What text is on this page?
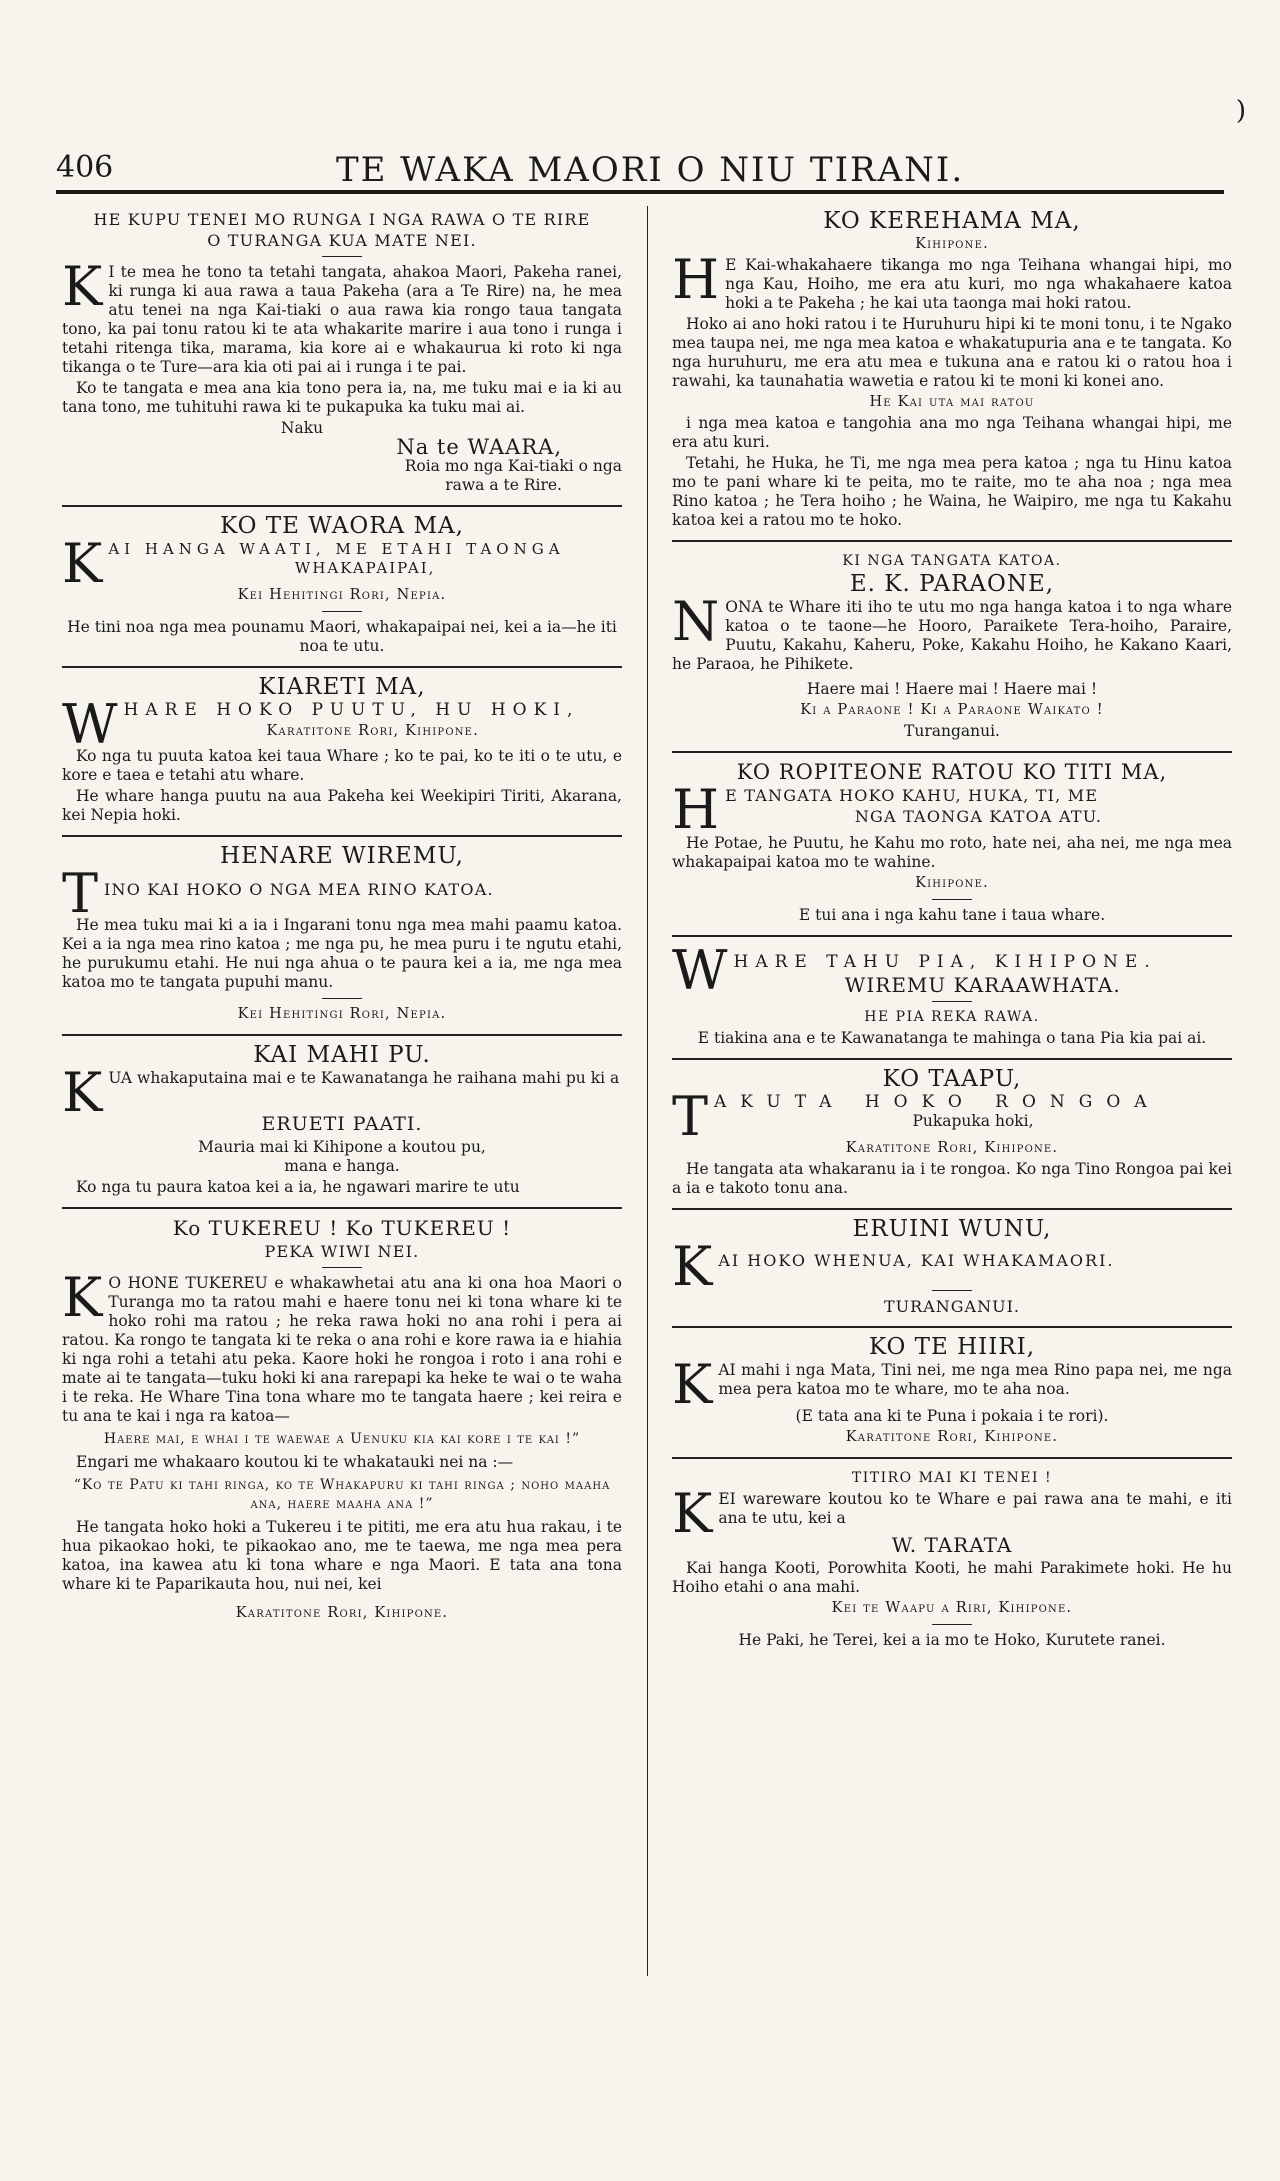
)
406	TE WAKA MAORI O NIU TIRANI.
HE KUPU TENEI MO RUNGA I NGA RAWA O TE RIRE
O TURANGA KUA MATE NEI.
K I te mea he tono ta tetahi tangata, ahakoa Maori, Pakeha ranei, ki runga ki aua rawa a taua Pakeha (ara a Te Rire) na, he mea atu tenei na nga Kai-tiaki o aua rawa kia rongo taua tangata tono, ka pai tonu ratou ki te ata whakarite marire i aua tono i runga i tetahi ritenga tika, marama, kia kore ai e whakaurua ki roto ki nga tikanga o te Ture—ara kia oti pai ai i runga i te pai.
Ko te tangata e mea ana kia tono pera ia, na, me tuku mai e ia ki au tana tono, me tuhituhi rawa ki te pukapuka ka tuku mai ai.
Naku
Na te WAARA,
Roia mo nga Kai-tiaki o nga
rawa a te Rire.
KO TE WAORA MA,
K AI HANGA WAATI, ME ETAHI TAONGA
WHAKAPAIPAI,
Kei Hehitingi Rori, Nepia.
He tini noa nga mea pounamu Maori, whakapaipai nei, kei a ia—he iti noa te utu.
KIARETI MA,
W HARE HOKO PUUTU, HU HOKI,
Karatitone Rori, Kihipone.
Ko nga tu puuta katoa kei taua Whare ; ko te pai, ko te iti o te utu, e kore e taea e tetahi atu whare.
He whare hanga puutu na aua Pakeha kei Weekipiri Tiriti, Akarana, kei Nepia hoki.
HENARE WIREMU,
T INO KAI HOKO O NGA MEA RINO KATOA.
He mea tuku mai ki a ia i Ingarani tonu nga mea mahi paamu katoa. Kei a ia nga mea rino katoa ; me nga pu, he mea puru i te ngutu etahi, he purukumu etahi. He nui nga ahua o te paura kei a ia, me nga mea katoa mo te tangata pupuhi manu.
Kei Hehitingi Rori, Nepia.
KAI MAHI PU.
KUA whakaputaina mai e te Kawanatanga he raihana mahi pu ki a
ERUETI PAATI.
Mauria mai ki Kihipone a koutou pu,
mana e hanga.
Ko nga tu paura katoa kei a ia, he ngawari marire te utu
Ko TUKEREU ! Ko TUKEREU !
PEKA WIWI NEI.
K O HONE TUKEREU e whakawhetai atu ana ki ona hoa Maori o Turanga mo ta ratou mahi e haere tonu nei ki tona whare ki te hoko rohi ma ratou ; he reka rawa hoki no ana rohi i pera ai ratou. Ka rongo te tangata ki te reka o ana rohi e kore rawa ia e hiahia ki nga rohi a tetahi atu peka. Kaore hoki he rongoa i roto i ana rohi e mate ai te tangata—tuku hoki ki ana rarepapi ka heke te wai o te waha i te reka. He Whare Tina tona whare mo te tangata haere ; kei reira e tu ana te kai i nga ra katoa—
Haere mai, e whai i te waewae a Uenuku kia kai kore i te kai !”
Engari me whakaaro koutou ki te whakatauki nei na :—
“Ko te Patu ki tahi ringa, ko te Whakapuru ki tahi ringa ; noho maaha ana, haere maaha ana !”
He tangata hoko hoki a Tukereu i te pititi, me era atu hua rakau, i te hua pikaokao hoki, te pikaokao ano, me te taewa, me nga mea pera katoa, ina kawea atu ki tona whare e nga Maori. E tata ana tona whare ki te Paparikauta hou, nui nei, kei
Karatitone Rori, Kihipone.
KO KEREHAMA MA,
Kihipone.
H E Kai-whakahaere tikanga mo nga Teihana whangai hipi, mo nga Kau, Hoiho, me era atu kuri, mo nga whakahaere katoa hoki a te Pakeha ; he kai uta taonga mai hoki ratou.
Hoko ai ano hoki ratou i te Huruhuru hipi ki te moni tonu, i te Ngako mea taupa nei, me nga mea katoa e whakatupuria ana e te tangata. Ko nga huruhuru, me era atu mea e tukuna ana e ratou ki o ratou hoa i rawahi, ka taunahatia wawetia e ratou ki te moni ki konei ano.
He Kai uta mai ratou
i nga mea katoa e tangohia ana mo nga Teihana whangai hipi, me era atu kuri.
Tetahi, he Huka, he Ti, me nga mea pera katoa ; nga tu Hinu katoa mo te pani whare ki te peita, mo te raite, mo te aha noa ; nga mea Rino katoa ; he Tera hoiho ; he Waina, he Waipiro, me nga tu Kakahu katoa kei a ratou mo te hoko.
KI NGA TANGATA KATOA.
E. K. PARAONE,
NONA te Whare iti iho te utu mo nga hanga katoa i to nga whare katoa o te taone—he Hooro, Paraikete Tera-hoiho, Paraire, Puutu, Kakahu, Kaheru, Poke, Kakahu Hoiho, he Kakano Kaari, he Paraoa, he Pihikete.
Haere mai ! Haere mai ! Haere mai !
Ki a Paraone ! Ki a Paraone Waikato !
Turanganui.
KO ROPITEONE RATOU KO TITI MA,
H E TANGATA HOKO KAHU, HUKA, TI, ME
NGA TAONGA KATOA ATU.
He Potae, he Puutu, he Kahu mo roto, hate nei, aha nei, me nga mea whakapaipai katoa mo te wahine.
Kihipone.
E tui ana i nga kahu tane i taua whare.
W HARE TAHU PIA, KIHIPONE.
WIREMU KARAAWHATA.
HE PIA REKA RAWA.
E tiakina ana e te Kawanatanga te mahinga o tana Pia kia pai ai.
KO TAAPU,
T AKUTA HOKO RONGOA
Pukapuka hoki,
Karatitone Rori, Kihipone.
He tangata ata whakaranu ia i te rongoa. Ko nga Tino Rongoa pai kei a ia e takoto tonu ana.
ERUINI WUNU,
K AI HOKO WHENUA, KAI WHAKAMAORI.
TURANGANUI.
KO TE HIIRI,
KAI mahi i nga Mata, Tini nei, me nga mea Rino papa nei, me nga mea pera katoa mo te whare, mo te aha noa.
(E tata ana ki te Puna i pokaia i te rori).
Karatitone Rori, Kihipone.
TITIRO MAI KI TENEI !
KEI wareware koutou ko te Whare e pai rawa ana te mahi, e iti ana te utu, kei a
W. TARATA
Kai hanga Kooti, Porowhita Kooti, he mahi Parakimete hoki. He hu Hoiho etahi o ana mahi.
Kei te Waapu a Riri, Kihipone.
He Paki, he Terei, kei a ia mo te Hoko, Kurutete ranei.
